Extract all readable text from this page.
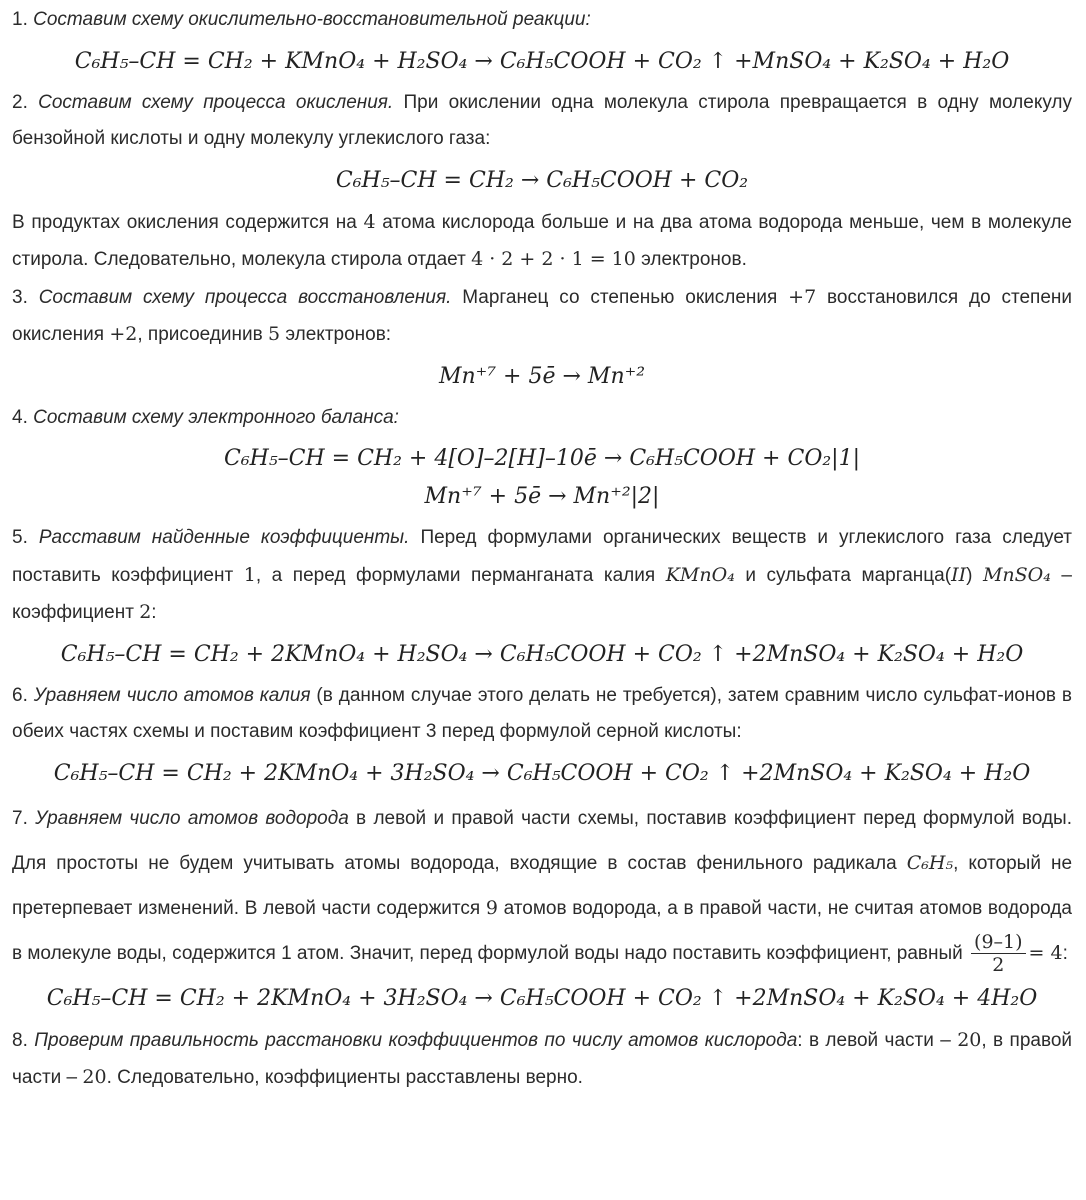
1. Составим схему окислительно-восстановительной реакции:

C₆H₅–CH = CH₂ + KMnO₄ + H₂SO₄ → C₆H₅COOH + CO₂ ↑ +MnSO₄ + K₂SO₄ + H₂O

2. Составим схему процесса окисления. При окислении одна молекула стирола превращается в одну молекулу бензойной кислоты и одну молекулу углекислого газа:

C₆H₅–CH = CH₂ → C₆H₅COOH + CO₂

В продуктах окисления содержится на 4 атома кислорода больше и на два атома водорода меньше, чем в молекуле стирола. Следовательно, молекула стирола отдает 4 · 2 + 2 · 1 = 10 электронов.

3. Составим схему процесса восстановления. Марганец со степенью окисления +7 восстановился до степени окисления +2, присоединив 5 электронов:

Mn⁺⁷ + 5ē → Mn⁺²

4. Составим схему электронного баланса:

C₆H₅–CH = CH₂ + 4[O]–2[H]–10ē → C₆H₅COOH + CO₂|1|
Mn⁺⁷ + 5ē → Mn⁺²|2|

5. Расставим найденные коэффициенты. Перед формулами органических веществ и углекислого газа следует поставить коэффициент 1, а перед формулами перманганата калия KMnO₄ и сульфата марганца(II) MnSO₄ – коэффициент 2:

C₆H₅–CH = CH₂ + 2KMnO₄ + H₂SO₄ → C₆H₅COOH + CO₂ ↑ +2MnSO₄ + K₂SO₄ + H₂O

6. Уравняем число атомов калия (в данном случае этого делать не требуется), затем сравним число сульфат-ионов в обеих частях схемы и поставим коэффициент 3 перед формулой серной кислоты:

C₆H₅–CH = CH₂ + 2KMnO₄ + 3H₂SO₄ → C₆H₅COOH + CO₂ ↑ +2MnSO₄ + K₂SO₄ + H₂O

7. Уравняем число атомов водорода в левой и правой части схемы, поставив коэффициент перед формулой воды. Для простоты не будем учитывать атомы водорода, входящие в состав фенильного радикала C₆H₅, который не претерпевает изменений. В левой части содержится 9 атомов водорода, а в правой части, не считая атомов водорода в молекуле воды, содержится 1 атом. Значит, перед формулой воды надо поставить коэффициент, равный $\frac{(9-1)}{2} = 4$:

C₆H₅–CH = CH₂ + 2KMnO₄ + 3H₂SO₄ → C₆H₅COOH + CO₂ ↑ +2MnSO₄ + K₂SO₄ + 4H₂O

8. Проверим правильность расстановки коэффициентов по числу атомов кислорода: в левой части – 20, в правой части – 20. Следовательно, коэффициенты расставлены верно.
